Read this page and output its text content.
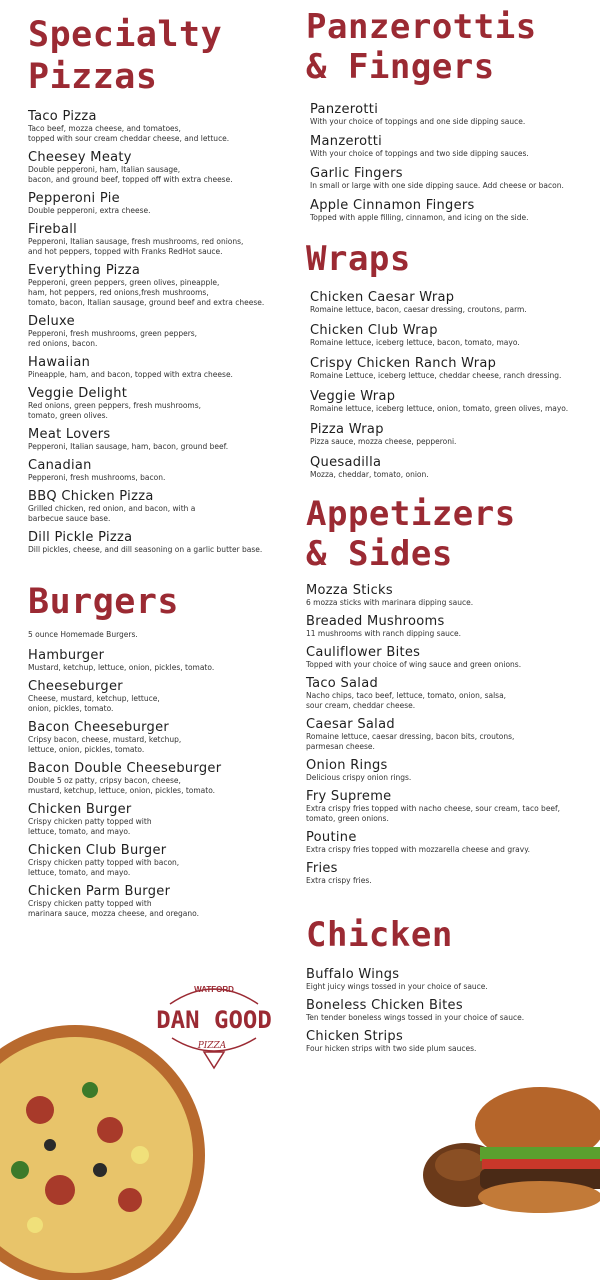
Specialty
Pizzas
Taco Pizza
Taco beef, mozza cheese, and tomatoes,
topped with sour cream cheddar cheese, and lettuce.
Cheesey Meaty
Double pepperoni, ham, Italian sausage,
bacon, and ground beef, topped off with extra cheese.
Pepperoni Pie
Double pepperoni, extra cheese.
Fireball
Pepperoni, Italian sausage, fresh mushrooms, red onions,
and hot peppers, topped with Franks RedHot sauce.
Everything Pizza
Pepperoni, green peppers, green olives, pineapple,
ham, hot peppers, red onions,fresh mushrooms,
tomato, bacon, Italian sausage, ground beef and extra cheese.
Deluxe
Pepperoni, fresh mushrooms, green peppers,
red onions, bacon.
Hawaiian
Pineapple, ham, and bacon, topped with extra cheese.
Veggie Delight
Red onions, green peppers, fresh mushrooms,
tomato, green olives.
Meat Lovers
Pepperoni, Italian sausage, ham, bacon, ground beef.
Canadian
Pepperoni, fresh mushrooms, bacon.
BBQ Chicken Pizza
Grilled chicken, red onion, and bacon, with a
barbecue sauce base.
Dill Pickle Pizza
Dill pickles, cheese, and dill seasoning on a garlic butter base.
Burgers
5 ounce Homemade Burgers.
Hamburger
Mustard, ketchup, lettuce, onion, pickles, tomato.
Cheeseburger
Cheese, mustard, ketchup, lettuce,
onion, pickles, tomato.
Bacon Cheeseburger
Cripsy bacon, cheese, mustard, ketchup,
lettuce, onion, pickles, tomato.
Bacon Double Cheeseburger
Double 5 oz patty, cripsy bacon, cheese,
mustard, ketchup, lettuce, onion, pickles, tomato.
Chicken Burger
Crispy chicken patty topped with
lettuce, tomato, and mayo.
Chicken Club Burger
Crispy chicken patty topped with bacon,
lettuce, tomato, and mayo.
Chicken Parm Burger
Crispy chicken patty topped with
marinara sauce, mozza cheese, and oregano.
Panzerottis
& Fingers
Panzerotti
With your choice of toppings and one side dipping sauce.
Manzerotti
With your choice of toppings and two side dipping sauces.
Garlic Fingers
In small or large with one side dipping sauce. Add cheese or bacon.
Apple Cinnamon Fingers
Topped with apple filling, cinnamon, and icing on the side.
Wraps
Chicken Caesar Wrap
Romaine lettuce, bacon, caesar dressing, croutons, parm.
Chicken Club Wrap
Romaine lettuce, iceberg lettuce, bacon, tomato, mayo.
Crispy Chicken Ranch Wrap
Romaine Lettuce, iceberg lettuce, cheddar cheese, ranch dressing.
Veggie Wrap
Romaine lettuce, iceberg lettuce, onion, tomato, green olives, mayo.
Pizza Wrap
Pizza sauce, mozza cheese, pepperoni.
Quesadilla
Mozza, cheddar, tomato, onion.
Appetizers
& Sides
Mozza Sticks
6 mozza sticks with marinara dipping sauce.
Breaded Mushrooms
11 mushrooms with ranch dipping sauce.
Cauliflower Bites
Topped with your choice of wing sauce and green onions.
Taco Salad
Nacho chips, taco beef, lettuce, tomato, onion, salsa,
sour cream, cheddar cheese.
Caesar Salad
Romaine lettuce, caesar dressing, bacon bits, croutons,
parmesan cheese.
Onion Rings
Delicious crispy onion rings.
Fry Supreme
Extra crispy fries topped with nacho cheese, sour cream, taco beef,
tomato, green onions.
Poutine
Extra crispy fries topped with mozzarella cheese and gravy.
Fries
Extra crispy fries.
Chicken
Buffalo Wings
Eight juicy wings tossed in your choice of sauce.
Boneless Chicken Bites
Ten tender boneless wings tossed in your choice of sauce.
Chicken Strips
Four hicken strips with two side plum sauces.
WATFORD
DAN GOOD
PIZZA
